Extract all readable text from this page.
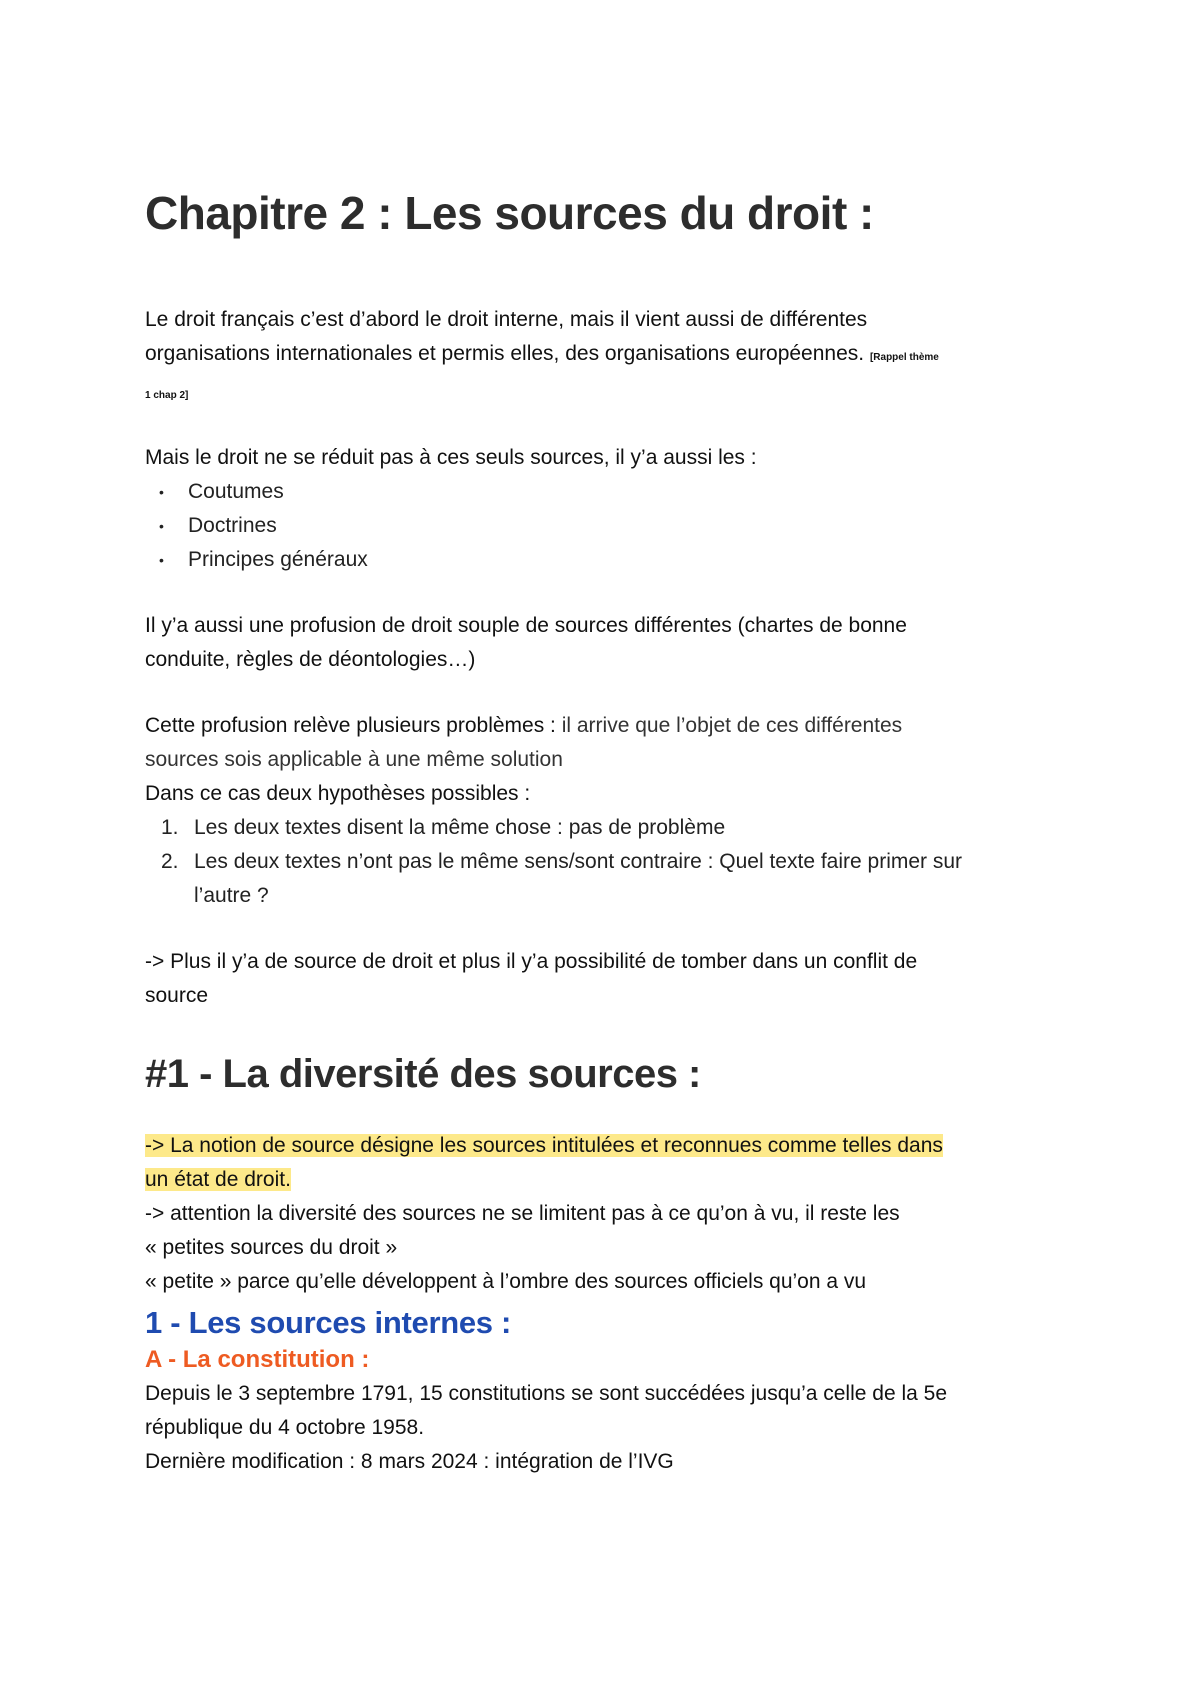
Chapitre 2 : Les sources du droit :

Le droit français c’est d’abord le droit interne, mais il vient aussi de différentes

organisations internationales et permis elles, des organisations européennes. [Rappel thème

1 chap 2]

Mais le droit ne se réduit pas à ces seuls sources, il y’a aussi les :

• Coutumes
• Doctrines
• Principes généraux

Il y’a aussi une profusion de droit souple de sources différentes (chartes de bonne

conduite, règles de déontologies…)

Cette profusion relève plusieurs problèmes : il arrive que l’objet de ces différentes

sources sois applicable à une même solution

Dans ce cas deux hypothèses possibles :

1. Les deux textes disent la même chose : pas de problème
2. Les deux textes n’ont pas le même sens/sont contraire : Quel texte faire primer sur
l’autre ?

-> Plus il y’a de source de droit et plus il y’a possibilité de tomber dans un conflit de

source

#1 - La diversité des sources :

-> La notion de source désigne les sources intitulées et reconnues comme telles dans

un état de droit.

-> attention la diversité des sources ne se limitent pas à ce qu’on à vu, il reste les

« petites sources du droit »

« petite » parce qu’elle développent à l’ombre des sources officiels qu’on a vu

1 - Les sources internes :
A - La constitution :

Depuis le 3 septembre 1791, 15 constitutions se sont succédées jusqu’a celle de la 5e

république du 4 octobre 1958.

Dernière modification : 8 mars 2024 : intégration de l’IVG
